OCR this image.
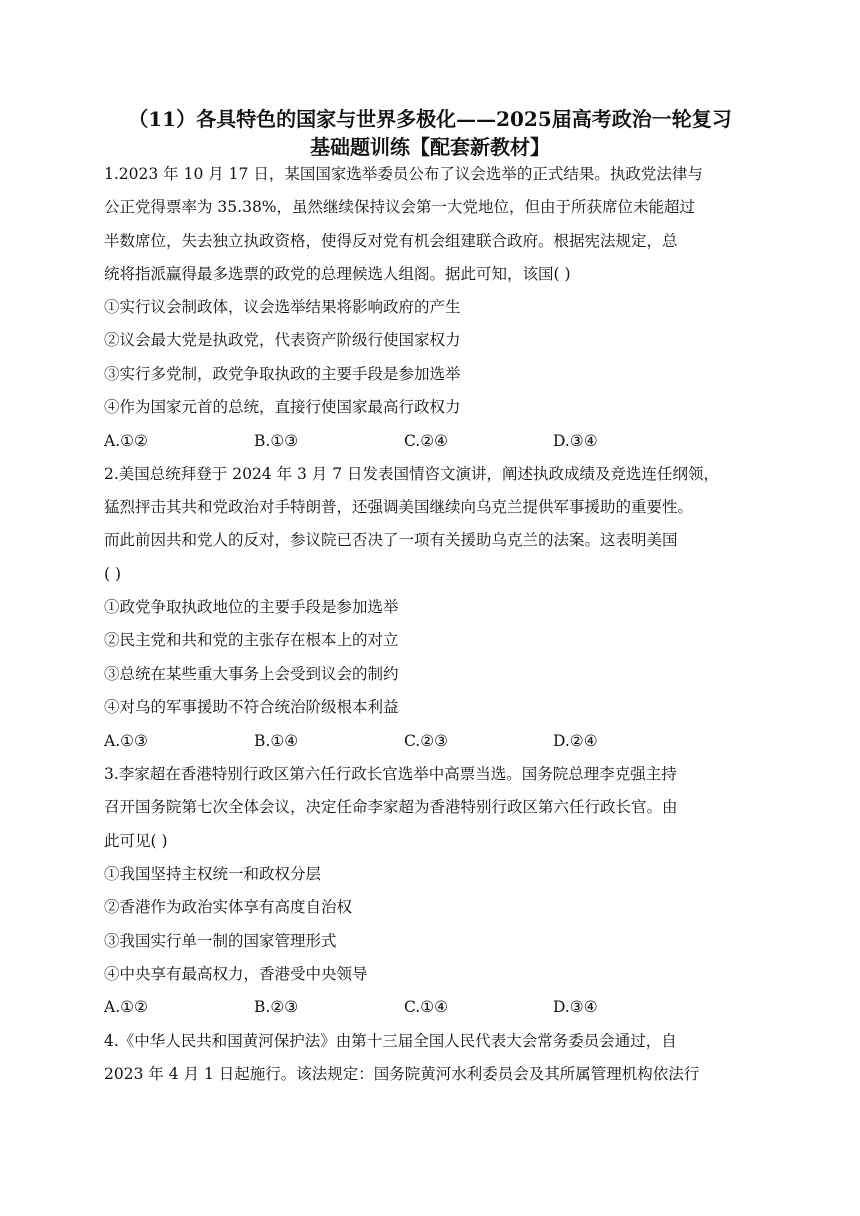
（11）各具特色的国家与世界多极化——2025届高考政治一轮复习
基础题训练【配套新教材】

1.2023 年 10 月 17 日，某国国家选举委员公布了议会选举的正式结果。执政党法律与

公正党得票率为 35.38%，虽然继续保持议会第一大党地位，但由于所获席位未能超过

半数席位，失去独立执政资格，使得反对党有机会组建联合政府。根据宪法规定，总

统将指派赢得最多选票的政党的总理候选人组阁。据此可知，该国( )

①实行议会制政体，议会选举结果将影响政府的产生

②议会最大党是执政党，代表资产阶级行使国家权力

③实行多党制，政党争取执政的主要手段是参加选举

④作为国家元首的总统，直接行使国家最高行政权力

A.①②	B.①③	C.②④	D.③④

2.美国总统拜登于 2024 年 3 月 7 日发表国情咨文演讲，阐述执政成绩及竞选连任纲领，

猛烈抨击其共和党政治对手特朗普，还强调美国继续向乌克兰提供军事援助的重要性。

而此前因共和党人的反对，参议院已否决了一项有关援助乌克兰的法案。这表明美国

( )

①政党争取执政地位的主要手段是参加选举

②民主党和共和党的主张存在根本上的对立

③总统在某些重大事务上会受到议会的制约

④对乌的军事援助不符合统治阶级根本利益

A.①③	B.①④	C.②③	D.②④

3.李家超在香港特别行政区第六任行政长官选举中高票当选。国务院总理李克强主持

召开国务院第七次全体会议，决定任命李家超为香港特别行政区第六任行政长官。由

此可见( )

①我国坚持主权统一和政权分层

②香港作为政治实体享有高度自治权

③我国实行单一制的国家管理形式

④中央享有最高权力，香港受中央领导

A.①②	B.②③	C.①④	D.③④

4.《中华人民共和国黄河保护法》由第十三届全国人民代表大会常务委员会通过，自

2023 年 4 月 1 日起施行。该法规定：国务院黄河水利委员会及其所属管理机构依法行
